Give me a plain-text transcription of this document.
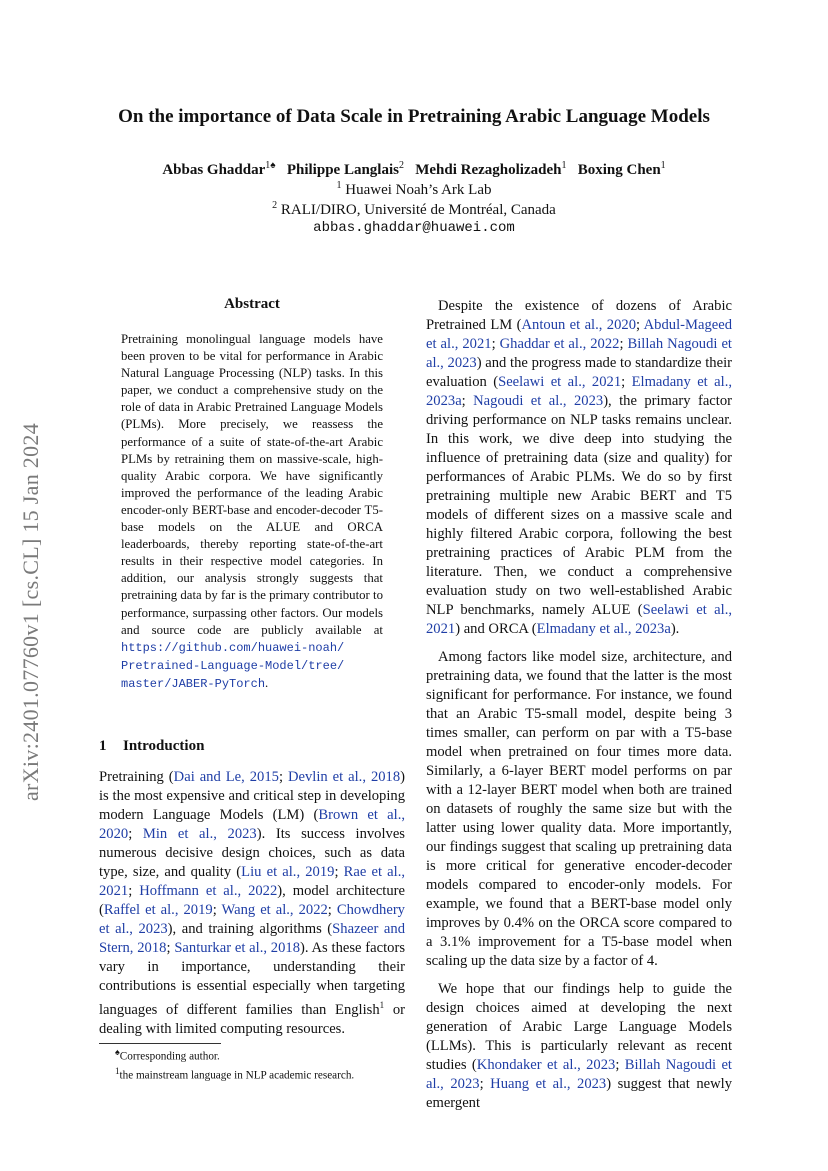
arXiv:2401.07760v1 [cs.CL] 15 Jan 2024
On the importance of Data Scale in Pretraining Arabic Language Models
Abbas Ghaddar$^{1♠}$ Philippe Langlais$^2$ Mehdi Rezagholizadeh$^1$ Boxing Chen$^1$
$^1$ Huawei Noah’s Ark Lab
$^2$ RALI/DIRO, Université de Montréal, Canada
abbas.ghaddar@huawei.com
Abstract
Pretraining monolingual language models have been proven to be vital for performance in Arabic Natural Language Processing (NLP) tasks. In this paper, we conduct a comprehensive study on the role of data in Arabic Pretrained Language Models (PLMs). More precisely, we reassess the performance of a suite of state-of-the-art Arabic PLMs by retraining them on massive-scale, high-quality Arabic corpora. We have significantly improved the performance of the leading Arabic encoder-only BERT-base and encoder-decoder T5-base models on the ALUE and ORCA leaderboards, thereby reporting state-of-the-art results in their respective model categories. In addition, our analysis strongly suggests that pretraining data by far is the primary contributor to performance, surpassing other factors. Our models and source code are publicly available at https://github.com/huawei-noah/ Pretrained-Language-Model/tree/ master/JABER-PyTorch.
1 Introduction

Pretraining (Dai and Le, 2015; Devlin et al., 2018) is the most expensive and critical step in developing modern Language Models (LM) (Brown et al., 2020; Min et al., 2023). Its success involves numerous decisive design choices, such as data type, size, and quality (Liu et al., 2019; Rae et al., 2021; Hoffmann et al., 2022), model architecture (Raffel et al., 2019; Wang et al., 2022; Chowdhery et al., 2023), and training algorithms (Shazeer and Stern, 2018; Santurkar et al., 2018). As these factors vary in importance, understanding their contributions is essential especially when targeting languages of different families than English$^1$ or dealing with limited computing resources.

♠Corresponding author.
$^1$the mainstream language in NLP academic research.

Despite the existence of dozens of Arabic Pretrained LM (Antoun et al., 2020; Abdul-Mageed et al., 2021; Ghaddar et al., 2022; Billah Nagoudi et al., 2023) and the progress made to standardize their evaluation (Seelawi et al., 2021; Elmadany et al., 2023a; Nagoudi et al., 2023), the primary factor driving performance on NLP tasks remains unclear. In this work, we dive deep into studying the influence of pretraining data (size and quality) for performances of Arabic PLMs. We do so by first pretraining multiple new Arabic BERT and T5 models of different sizes on a massive scale and highly filtered Arabic corpora, following the best pretraining practices of Arabic PLM from the literature. Then, we conduct a comprehensive evaluation study on two well-established Arabic NLP benchmarks, namely ALUE (Seelawi et al., 2021) and ORCA (Elmadany et al., 2023a).

Among factors like model size, architecture, and pretraining data, we found that the latter is the most significant for performance. For instance, we found that an Arabic T5-small model, despite being 3 times smaller, can perform on par with a T5-base model when pretrained on four times more data. Similarly, a 6-layer BERT model performs on par with a 12-layer BERT model when both are trained on datasets of roughly the same size but with the latter using lower quality data. More importantly, our findings suggest that scaling up pretraining data is more critical for generative encoder-decoder models compared to encoder-only models. For example, we found that a BERT-base model only improves by 0.4% on the ORCA score compared to a 3.1% improvement for a T5-base model when scaling up the data size by a factor of 4.

We hope that our findings help to guide the design choices aimed at developing the next generation of Arabic Large Language Models (LLMs). This is particularly relevant as recent studies (Khondaker et al., 2023; Billah Nagoudi et al., 2023; Huang et al., 2023) suggest that newly emergent
